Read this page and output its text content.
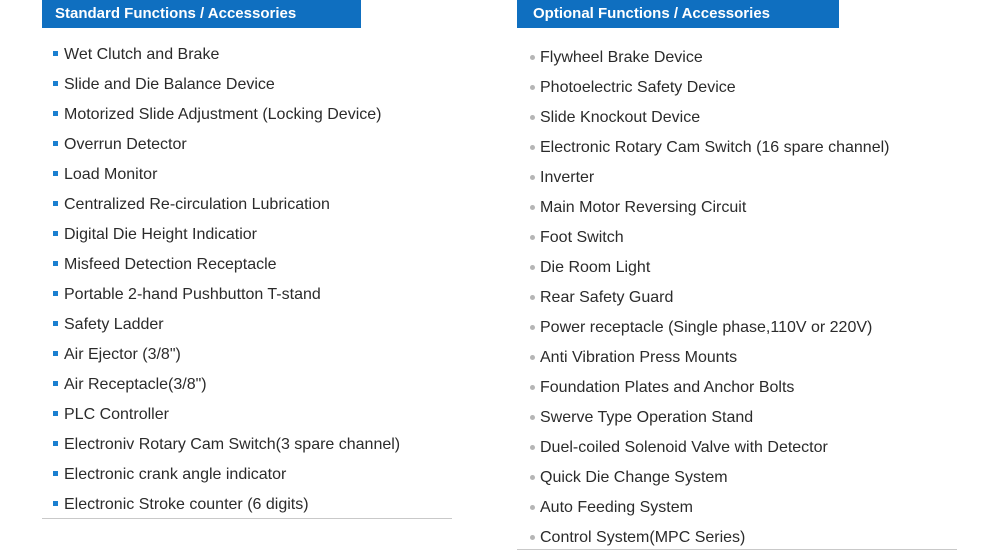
Standard Functions / Accessories
Wet Clutch and Brake
Slide and Die Balance Device
Motorized Slide Adjustment (Locking Device)
Overrun Detector
Load Monitor
Centralized Re-circulation Lubrication
Digital Die Height Indicatior
Misfeed Detection Receptacle
Portable 2-hand Pushbutton T-stand
Safety Ladder
Air Ejector (3/8")
Air Receptacle(3/8")
PLC Controller
Electroniv Rotary Cam Switch(3 spare channel)
Electronic crank angle indicator
Electronic Stroke counter (6 digits)
Optional Functions / Accessories
Flywheel Brake Device
Photoelectric Safety Device
Slide Knockout Device
Electronic Rotary Cam Switch (16 spare channel)
Inverter
Main Motor Reversing Circuit
Foot Switch
Die Room Light
Rear Safety Guard
Power receptacle (Single phase,110V or 220V)
Anti Vibration Press Mounts
Foundation Plates and Anchor Bolts
Swerve Type Operation Stand
Duel-coiled Solenoid Valve with Detector
Quick Die Change System
Auto Feeding System
Control System(MPC Series)
